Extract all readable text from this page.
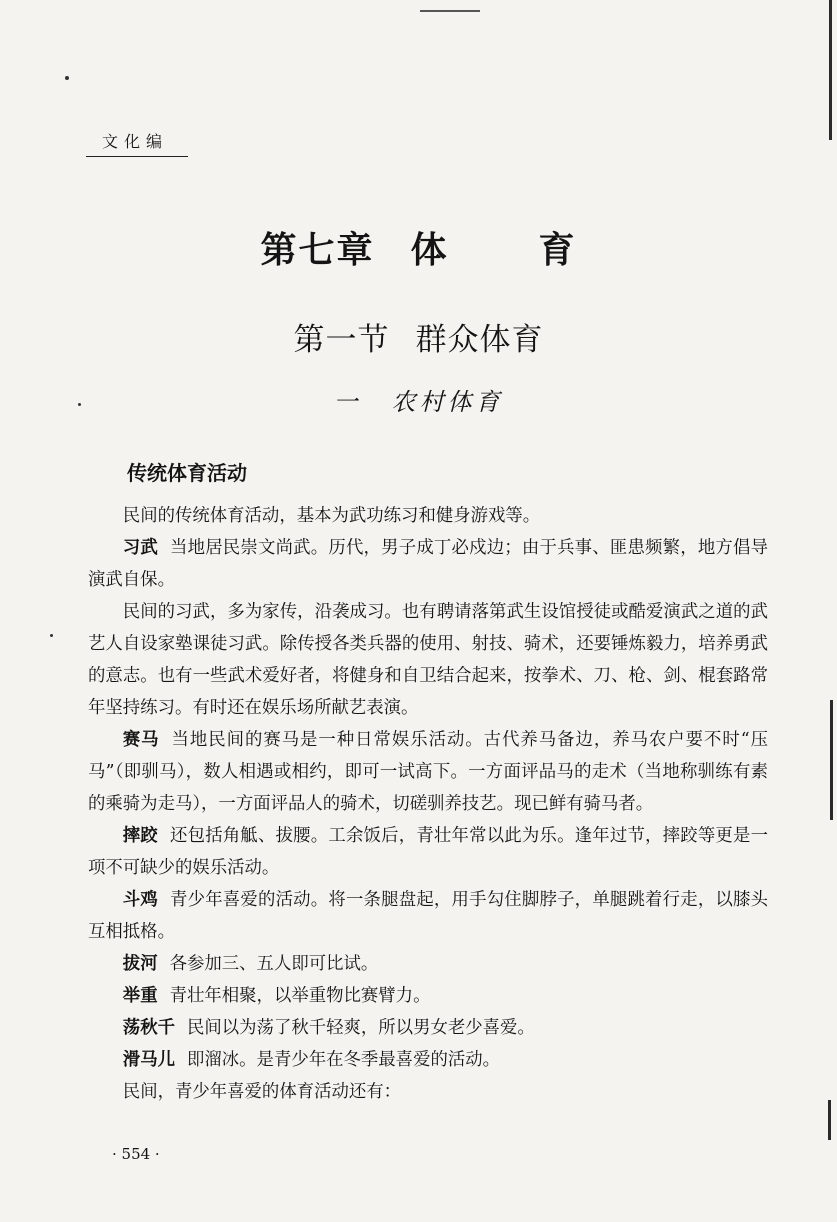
文化编
第七章 体	育
第一节 群众体育
一 农村体育
传统体育活动

民间的传统体育活动，基本为武功练习和健身游戏等。

习武 当地居民崇文尚武。历代，男子成丁必戍边；由于兵事、匪患频繁，地方倡导演武自保。

民间的习武，多为家传，沿袭成习。也有聘请落第武生设馆授徒或酷爱演武之道的武艺人自设家塾课徒习武。除传授各类兵器的使用、射技、骑术，还要锤炼毅力，培养勇武的意志。也有一些武术爱好者，将健身和自卫结合起来，按拳术、刀、枪、剑、棍套路常年坚持练习。有时还在娱乐场所献艺表演。

赛马 当地民间的赛马是一种日常娱乐活动。古代养马备边，养马农户要不时“压马”（即驯马），数人相遇或相约，即可一试高下。一方面评品马的走术（当地称驯练有素的乘骑为走马），一方面评品人的骑术，切磋驯养技艺。现已鲜有骑马者。

摔跤 还包括角觝、拔腰。工余饭后，青壮年常以此为乐。逢年过节，摔跤等更是一项不可缺少的娱乐活动。

斗鸡 青少年喜爱的活动。将一条腿盘起，用手勾住脚脖子，单腿跳着行走，以膝头互相抵格。

拔河 各参加三、五人即可比试。

举重 青壮年相聚，以举重物比赛臂力。

荡秋千 民间以为荡了秋千轻爽，所以男女老少喜爱。

滑马儿 即溜冰。是青少年在冬季最喜爱的活动。

民间，青少年喜爱的体育活动还有：

· 554 ·
